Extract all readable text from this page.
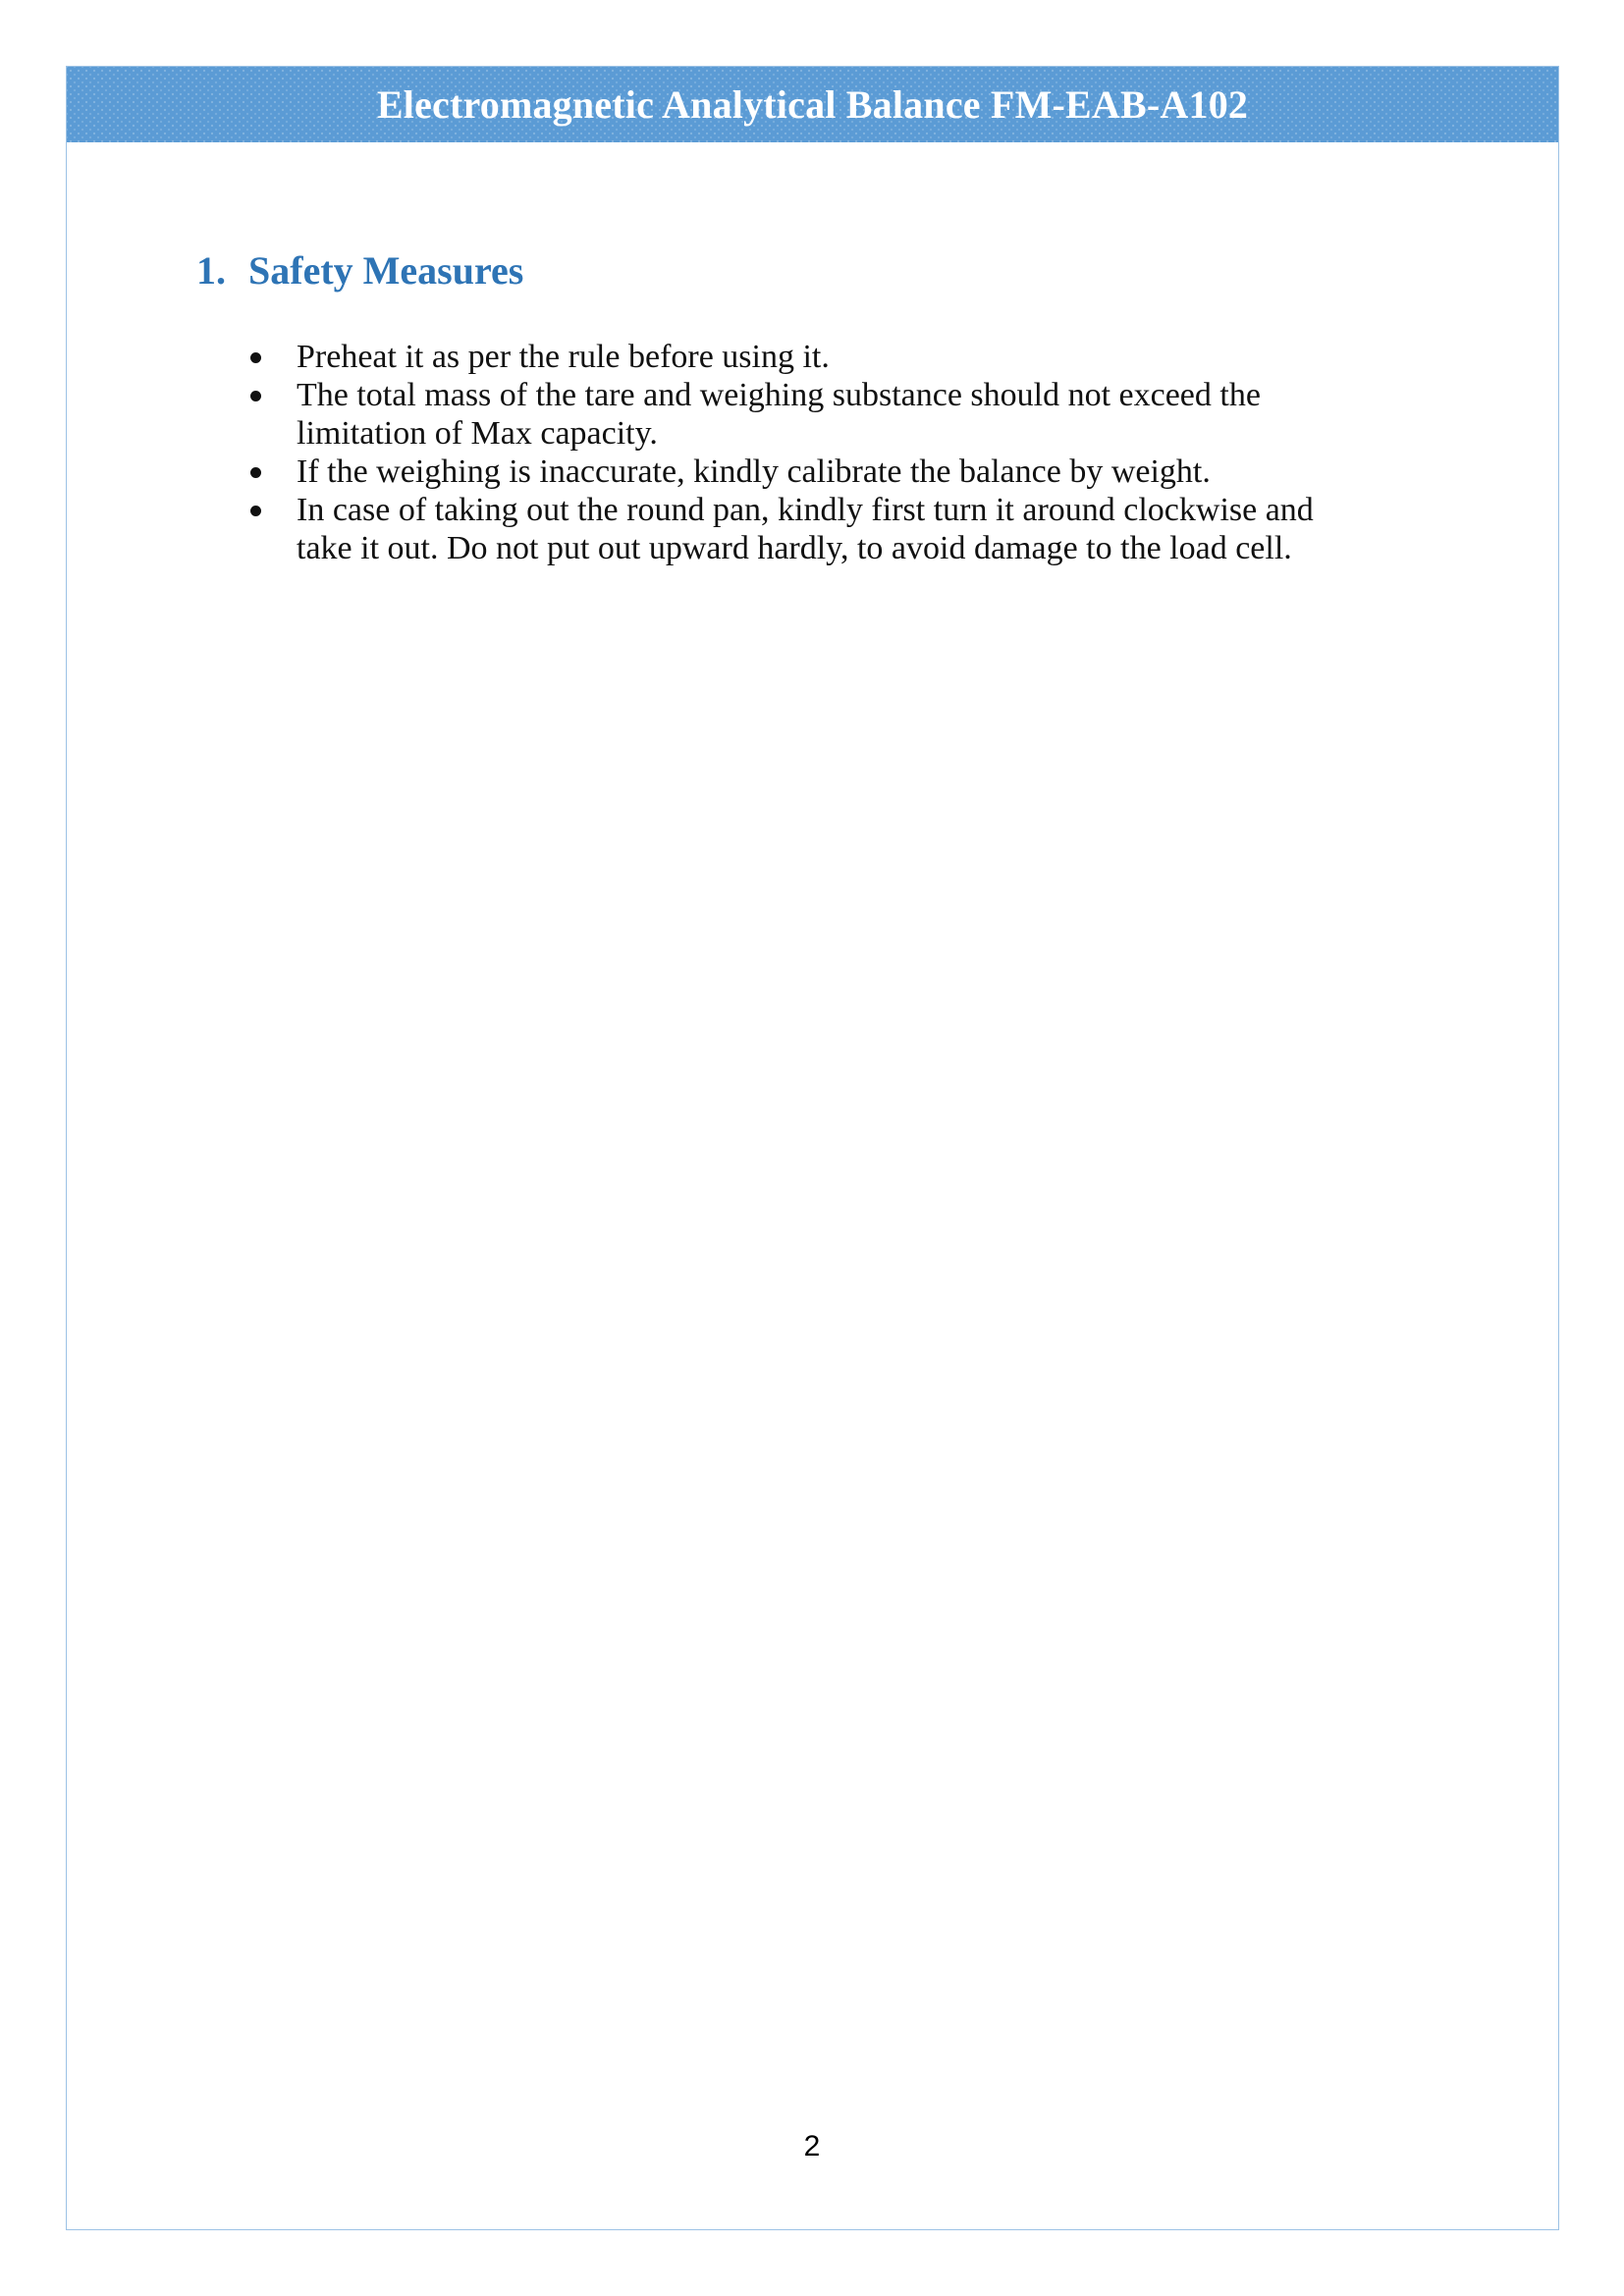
Electromagnetic Analytical Balance FM-EAB-A102
1. Safety Measures
Preheat it as per the rule before using it.
The total mass of the tare and weighing substance should not exceed the limitation of Max capacity.
If the weighing is inaccurate, kindly calibrate the balance by weight.
In case of taking out the round pan, kindly first turn it around clockwise and take it out. Do not put out upward hardly, to avoid damage to the load cell.
2
